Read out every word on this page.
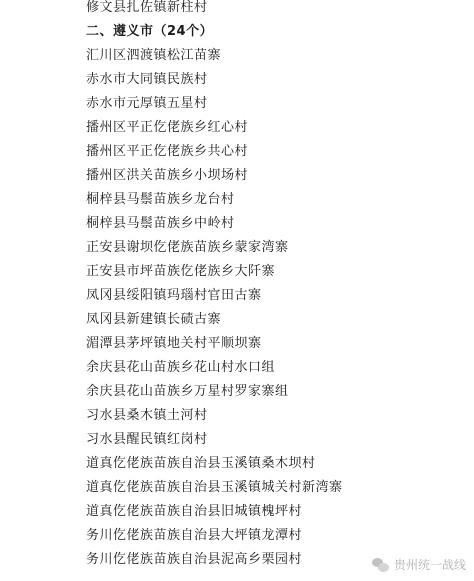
修文县扎佐镇新柱村
二、遵义市（24个）
汇川区泗渡镇松江苗寨
赤水市大同镇民族村
赤水市元厚镇五星村
播州区平正仡佬族乡红心村
播州区平正仡佬族乡共心村
播州区洪关苗族乡小坝场村
桐梓县马鬃苗族乡龙台村
桐梓县马鬃苗族乡中岭村
正安县谢坝仡佬族苗族乡蒙家湾寨
正安县市坪苗族仡佬族乡大阡寨
凤冈县绥阳镇玛瑙村官田古寨
凤冈县新建镇长碛古寨
湄潭县茅坪镇地关村平顺坝寨
余庆县花山苗族乡花山村水口组
余庆县花山苗族乡万星村罗家寨组
习水县桑木镇土河村
习水县醒民镇红岗村
道真仡佬族苗族自治县玉溪镇桑木坝村
道真仡佬族苗族自治县玉溪镇城关村新湾寨
道真仡佬族苗族自治县旧城镇槐坪村
务川仡佬族苗族自治县大坪镇龙潭村
务川仡佬族苗族自治县泥高乡栗园村	贵州统一战线
